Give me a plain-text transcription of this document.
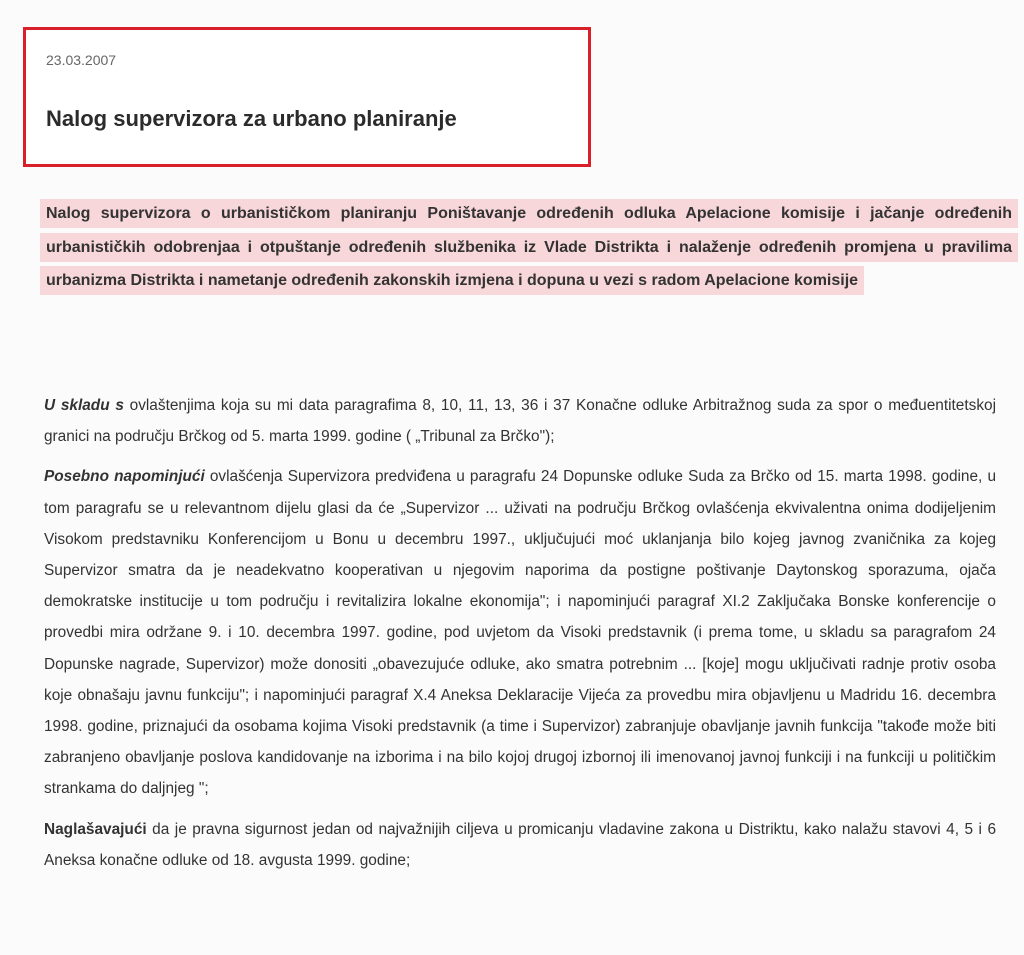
23.03.2007
Nalog supervizora za urbano planiranje

Nalog supervizora o urbanističkom planiranju Poništavanje određenih odluka Apelacione komisije i jačanje određenih urbanističkih odobrenjaa i otpuštanje određenih službenika iz Vlade Distrikta i nalaženje određenih promjena u pravilima urbanizma Distrikta i nametanje određenih zakonskih izmjena i dopuna u vezi s radom Apelacione komisije

U skladu s ovlaštenjima koja su mi data paragrafima 8, 10, 11, 13, 36 i 37 Konačne odluke Arbitražnog suda za spor o međuentitetskoj granici na području Brčkog od 5. marta 1999. godine ( „Tribunal za Brčko");

Posebno napominjući ovlašćenja Supervizora predviđena u paragrafu 24 Dopunske odluke Suda za Brčko od 15. marta 1998. godine, u tom paragrafu se u relevantnom dijelu glasi da će „Supervizor ... uživati na području Brčkog ovlašćenja ekvivalentna onima dodijeljenim Visokom predstavniku Konferencijom u Bonu u decembru 1997., uključujući moć uklanjanja bilo kojeg javnog zvaničnika za kojeg Supervizor smatra da je neadekvatno kooperativan u njegovim naporima da postigne poštivanje Daytonskog sporazuma, ojača demokratske institucije u tom području i revitalizira lokalne ekonomija"; i napominjući paragraf XI.2 Zaključaka Bonske konferencije o provedbi mira održane 9. i 10. decembra 1997. godine, pod uvjetom da Visoki predstavnik (i prema tome, u skladu sa paragrafom 24 Dopunske nagrade, Supervizor) može donositi „obavezujuće odluke, ako smatra potrebnim ... [koje] mogu uključivati radnje protiv osoba koje obnašaju javnu funkciju"; i napominjući paragraf X.4 Aneksa Deklaracije Vijeća za provedbu mira objavljenu u Madridu 16. decembra 1998. godine, priznajući da osobama kojima Visoki predstavnik (a time i Supervizor) zabranjuje obavljanje javnih funkcija "takođe može biti zabranjeno obavljanje poslova kandidovanje na izborima i na bilo kojoj drugoj izbornoj ili imenovanoj javnoj funkciji i na funkciji u političkim strankama do daljnjeg ";

Naglašavajući da je pravna sigurnost jedan od najvažnijih ciljeva u promicanju vladavine zakona u Distriktu, kako nalažu stavovi 4, 5 i 6 Aneksa konačne odluke od 18. avgusta 1999. godine;
